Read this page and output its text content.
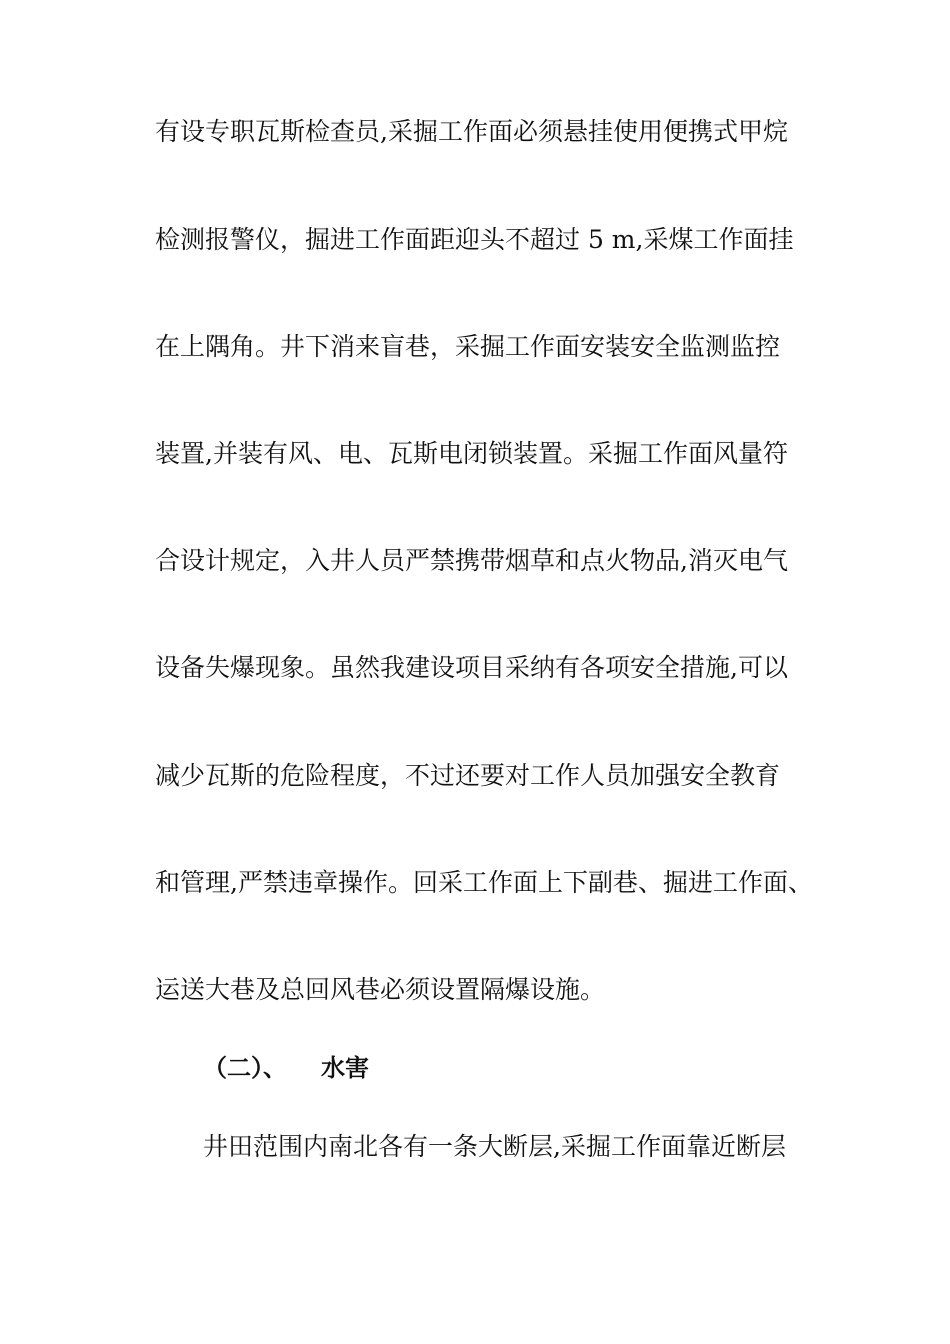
有设专职瓦斯检查员,采掘工作面必须悬挂使用便携式甲烷
检测报警仪，掘进工作面距迎头不超过 5 m,采煤工作面挂
在上隅角。井下消来盲巷，采掘工作面安装安全监测监控
装置,并装有风、电、瓦斯电闭锁装置。采掘工作面风量符
合设计规定，入井人员严禁携带烟草和点火物品,消灭电气
设备失爆现象。虽然我建设项目采纳有各项安全措施,可以
减少瓦斯的危险程度，不过还要对工作人员加强安全教育
和管理,严禁违章操作。回采工作面上下副巷、掘进工作面、
运送大巷及总回风巷必须设置隔爆设施。
（二）、 水害
井田范围内南北各有一条大断层,采掘工作面靠近断层
